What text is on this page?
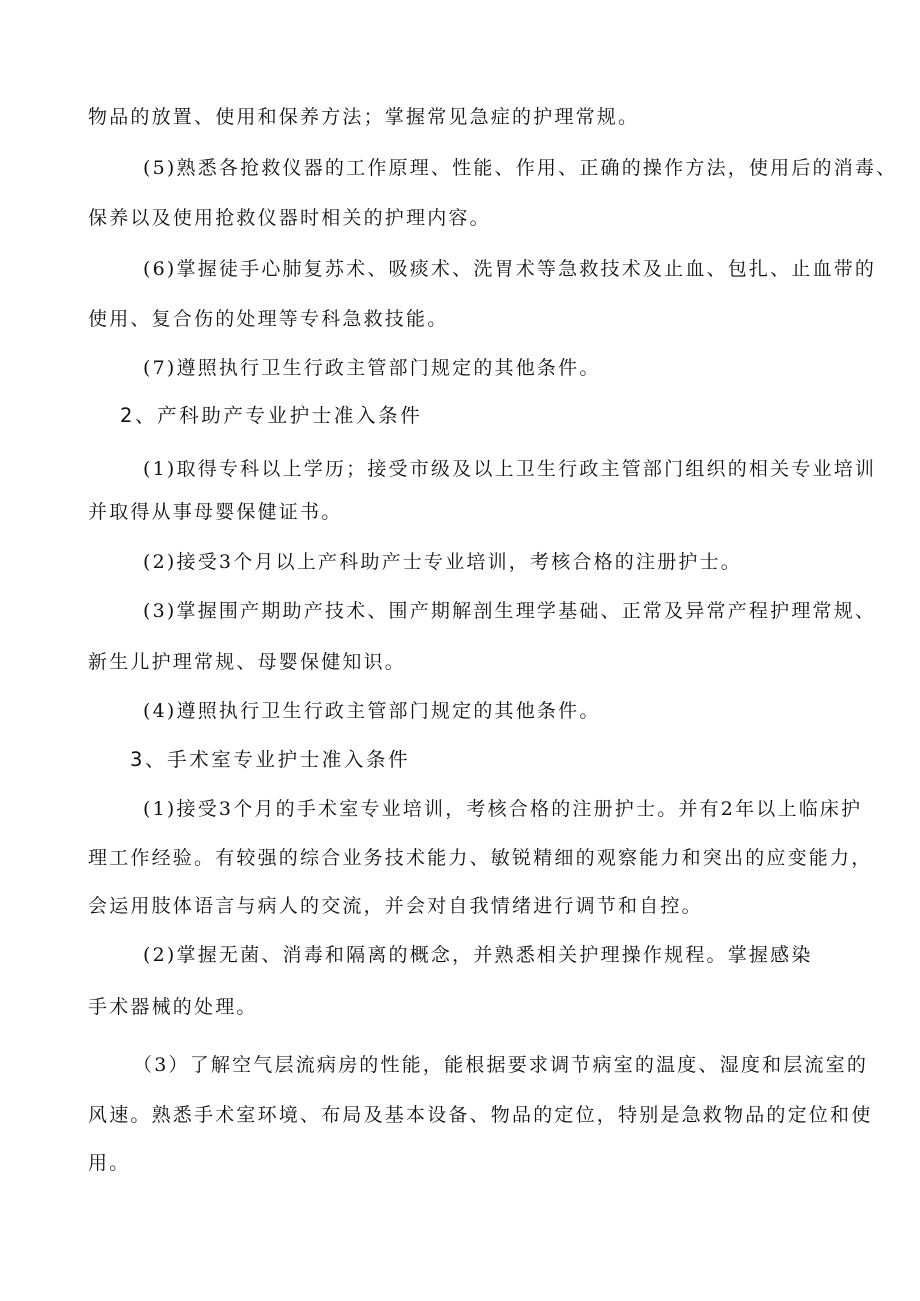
物品的放置、使用和保养方法；掌握常见急症的护理常规。
(5)熟悉各抢救仪器的工作原理、性能、作用、正确的操作方法，使用后的消毒、
保养以及使用抢救仪器时相关的护理内容。
(6)掌握徒手心肺复苏术、吸痰术、洗胃术等急救技术及止血、包扎、止血带的
使用、复合伤的处理等专科急救技能。
(7)遵照执行卫生行政主管部门规定的其他条件。
2、产科助产专业护士准入条件
(1)取得专科以上学历；接受市级及以上卫生行政主管部门组织的相关专业培训
并取得从事母婴保健证书。
(2)接受3个月以上产科助产士专业培训，考核合格的注册护士。
(3)掌握围产期助产技术、围产期解剖生理学基础、正常及异常产程护理常规、
新生儿护理常规、母婴保健知识。
(4)遵照执行卫生行政主管部门规定的其他条件。
3、手术室专业护士准入条件
(1)接受3个月的手术室专业培训，考核合格的注册护士。并有2年以上临床护
理工作经验。有较强的综合业务技术能力、敏锐精细的观察能力和突出的应变能力，
会运用肢体语言与病人的交流，并会对自我情绪进行调节和自控。
(2)掌握无菌、消毒和隔离的概念，并熟悉相关护理操作规程。掌握感染
手术器械的处理。
（3）了解空气层流病房的性能，能根据要求调节病室的温度、湿度和层流室的
风速。熟悉手术室环境、布局及基本设备、物品的定位，特别是急救物品的定位和使
用。
